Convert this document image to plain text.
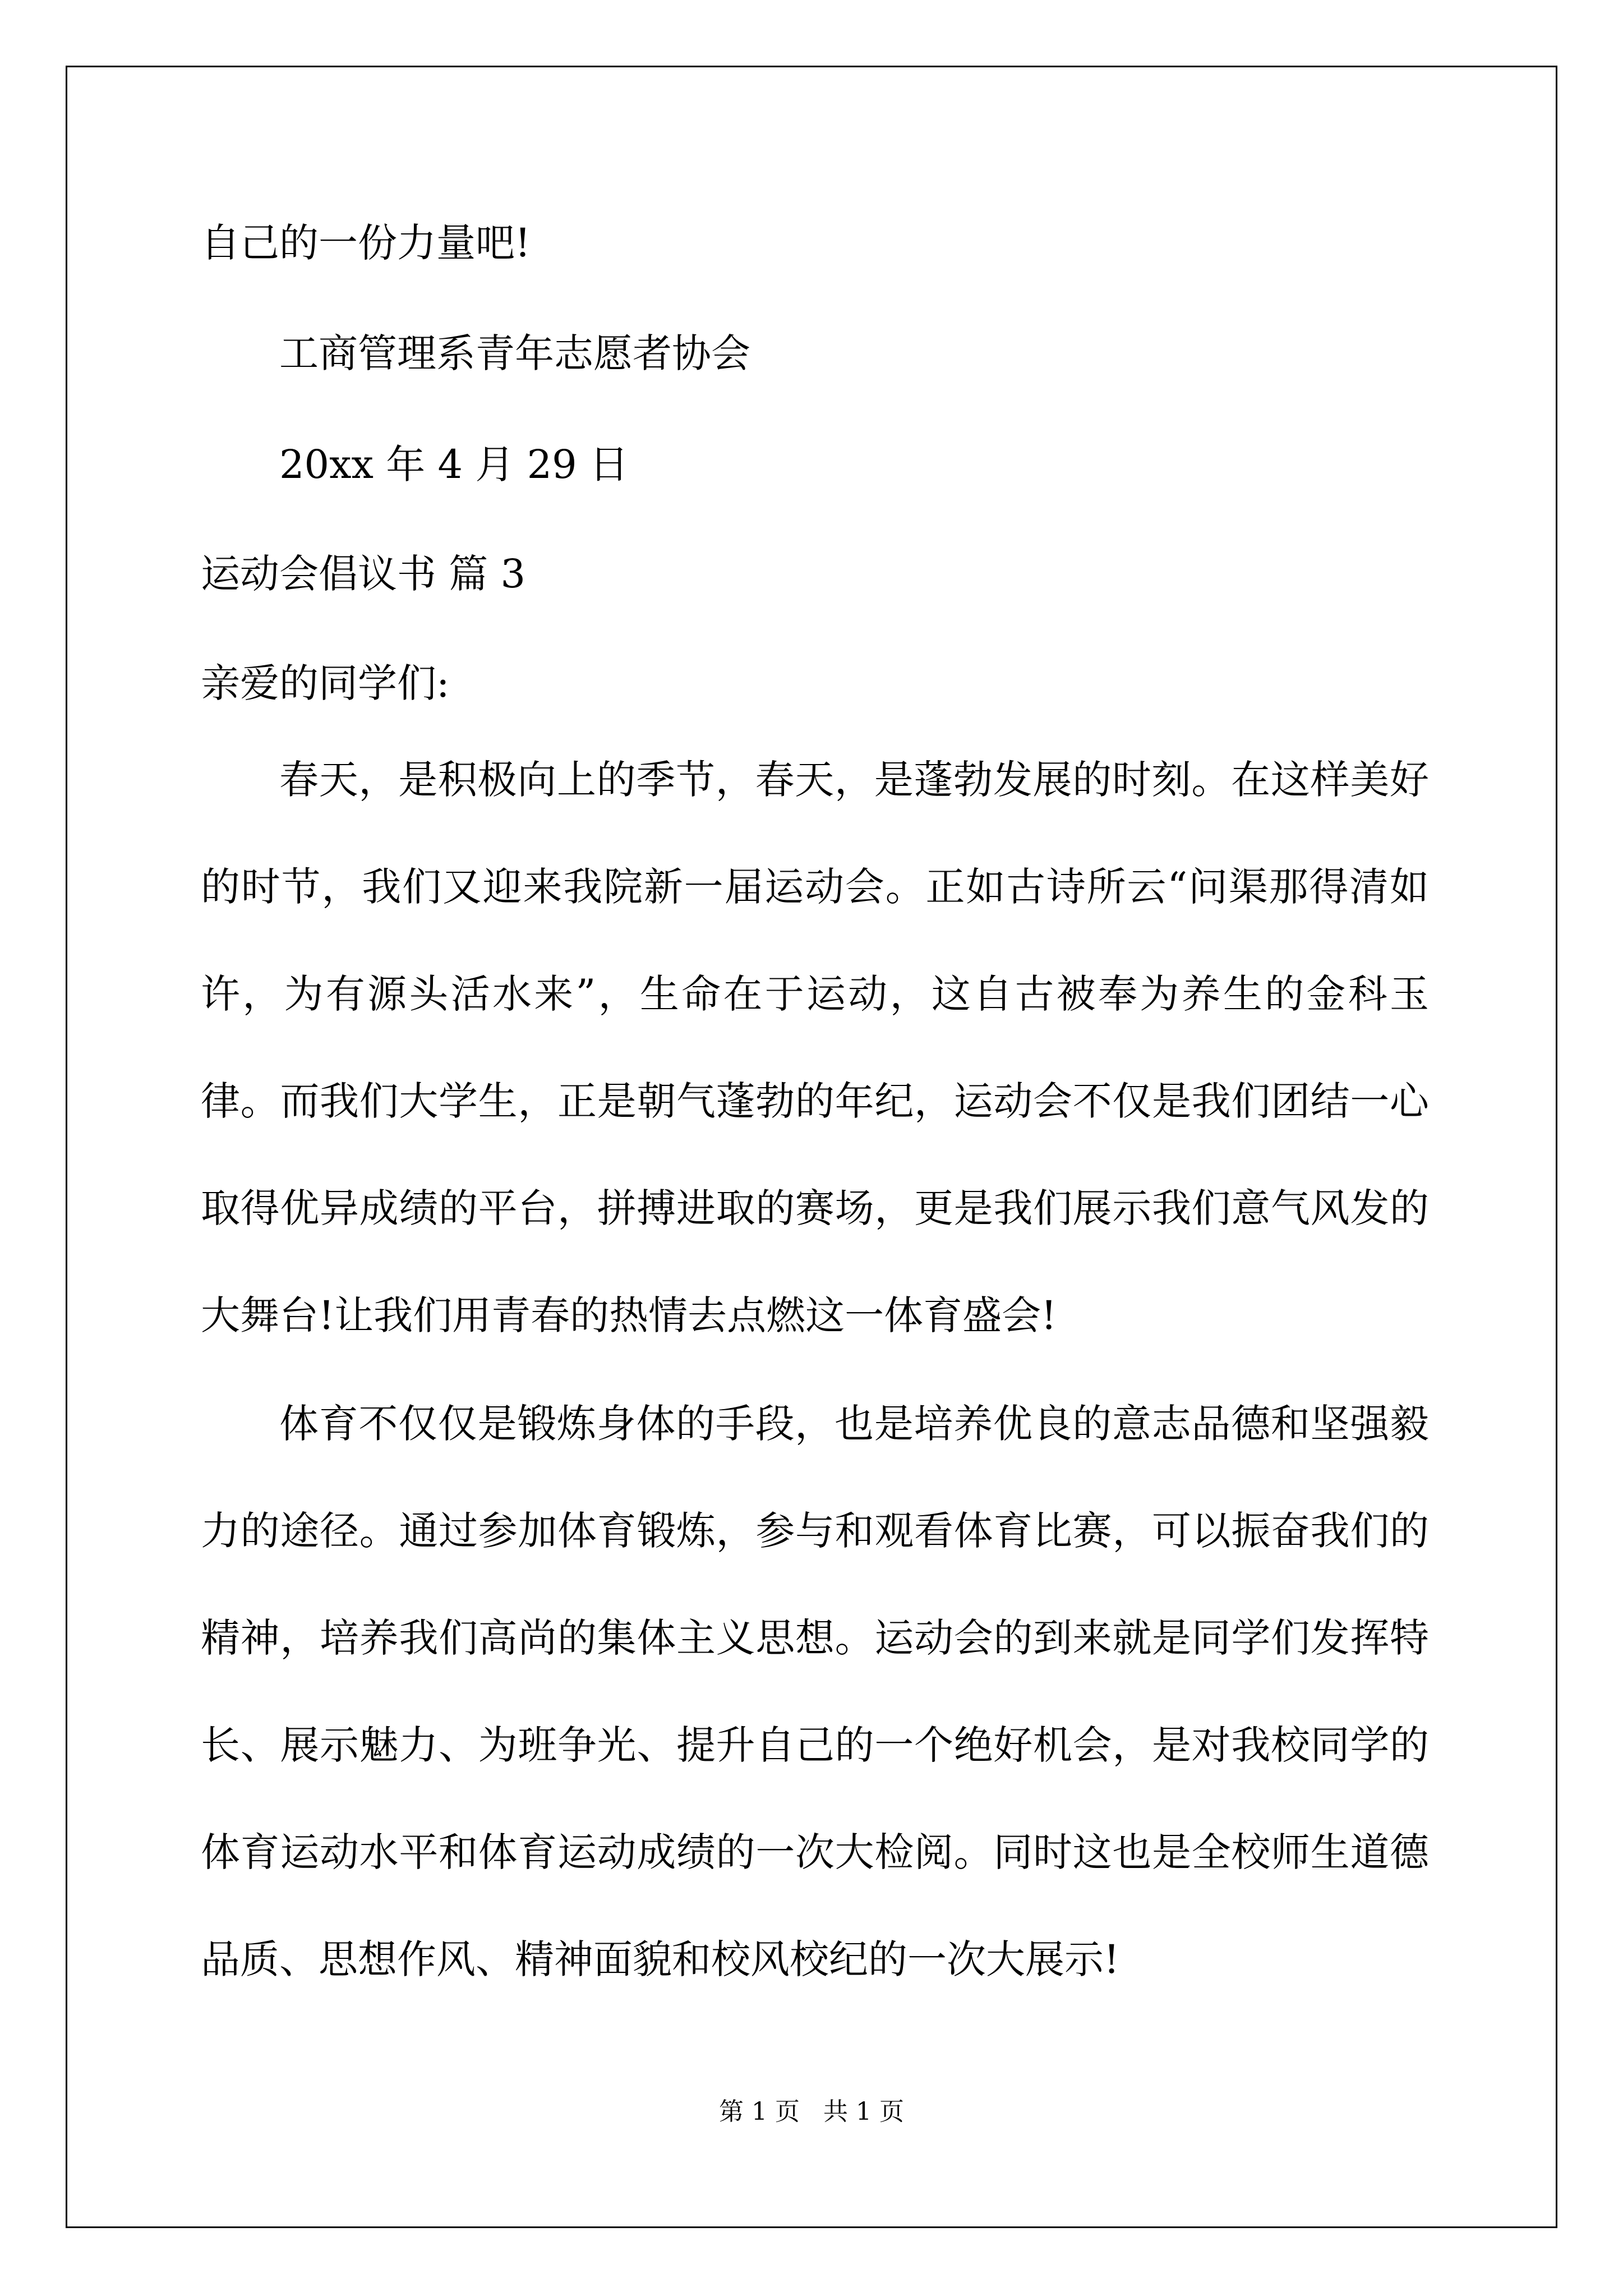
自己的一份力量吧!
工商管理系青年志愿者协会
20xx 年 4 月 29 日
运动会倡议书 篇 3
亲爱的同学们:

春天，是积极向上的季节，春天，是蓬勃发展的时刻。在这样美好的时节，我们又迎来我院新一届运动会。正如古诗所云“问渠那得清如许，为有源头活水来”，生命在于运动，这自古被奉为养生的金科玉律。而我们大学生，正是朝气蓬勃的年纪，运动会不仅是我们团结一心取得优异成绩的平台，拼搏进取的赛场，更是我们展示我们意气风发的大舞台!让我们用青春的热情去点燃这一体育盛会!

体育不仅仅是锻炼身体的手段，也是培养优良的意志品德和坚强毅力的途径。通过参加体育锻炼，参与和观看体育比赛，可以振奋我们的精神，培养我们高尚的集体主义思想。运动会的到来就是同学们发挥特长、展示魅力、为班争光、提升自己的一个绝好机会，是对我校同学的体育运动水平和体育运动成绩的一次大检阅。同时这也是全校师生道德品质、思想作风、精神面貌和校风校纪的一次大展示!

第 1 页   共 1 页
